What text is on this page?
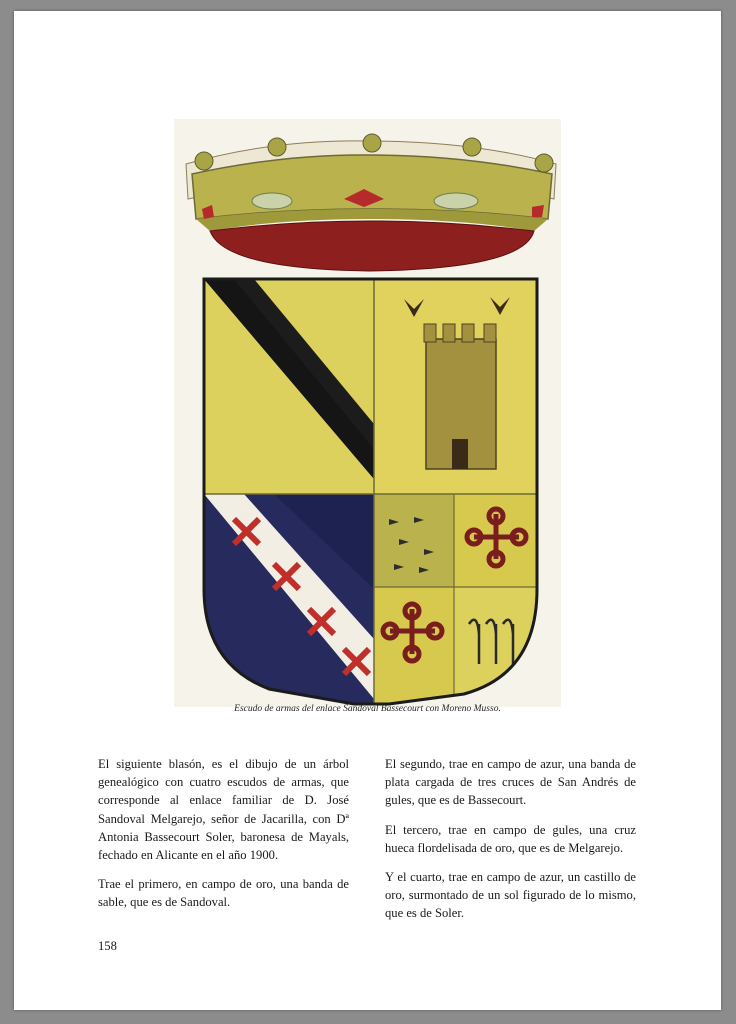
Escudo de armas del enlace Sandoval Bassecourt con Moreno Musso.

El siguiente blasón, es el dibujo de un árbol genealógico con cuatro escudos de armas, que corresponde al enlace familiar de D. José Sandoval Melgarejo, señor de Jacarilla, con Dª Antonia Bassecourt Soler, baronesa de Mayals, fechado en Alicante en el año 1900.

Trae el primero, en campo de oro, una banda de sable, que es de Sandoval.

El segundo, trae en campo de azur, una banda de plata cargada de tres cruces de San Andrés de gules, que es de Bassecourt.

El tercero, trae en campo de gules, una cruz hueca flordelisada de oro, que es de Melgarejo.

Y el cuarto, trae en campo de azur, un castillo de oro, surmontado de un sol figurado de lo mismo, que es de Soler.

158
